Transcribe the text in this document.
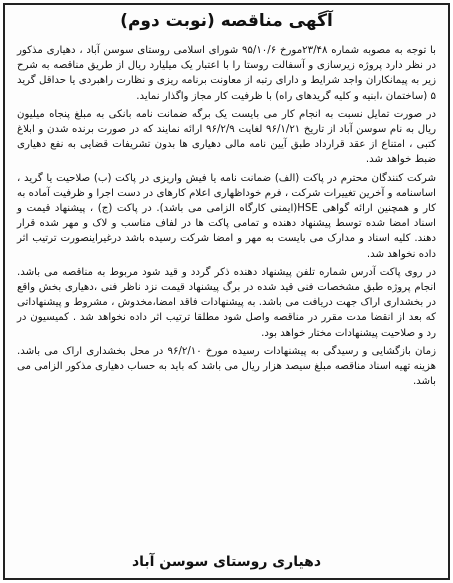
آگهی مناقصه (نوبت دوم)

با توجه به مصوبه شماره ۲۳/۴۸مورخ ۹۵/۱۰/۶ شورای اسلامی روستای سوسن آباد ، دهیاری مذکور در نظر دارد پروژه زیرسازی و آسفالت روستا را با اعتبار یک میلیارد ریال از طریق مناقصه به شرح زیر به پیمانکاران واجد شرایط و دارای رتبه از معاونت برنامه ریزی و نظارت راهبردی یا حداقل گرید ۵ (ساختمان ،ابنیه و کلیه گریدهای راه) با ظرفیت کار مجاز واگذار نماید.

در صورت تمایل نسبت به انجام کار می بایست یک برگه ضمانت نامه بانکی به مبلغ پنجاه میلیون ریال به نام سوسن آباد از تاریخ ۹۶/۱/۲۱ لغایت ۹۶/۲/۹ ارائه نمایند که در صورت برنده شدن و ابلاغ کتبی ، امتناع از عقد قرارداد طبق آیین نامه مالی دهیاری ها بدون تشریفات قضایی به نفع دهیاری ضبط خواهد شد.

شرکت کنندگان محترم در پاکت (الف) ضمانت نامه یا فیش واریزی در پاکت (ب) صلاحیت یا گرید ، اساسنامه و آخرین تغییرات شرکت ، فرم خوداظهاری اعلام کارهای در دست اجرا و ظرفیت آماده به کار و همچنین ارائه گواهی HSE(ایمنی کارگاه الزامی می باشد). در پاکت (ج) ، پیشنهاد قیمت و اسناد امضا شده توسط پیشنهاد دهنده و تمامی پاکت ها در لفاف مناسب و لاک و مهر شده قرار دهند. کلیه اسناد و مدارک می بایست به مهر و امضا شرکت رسیده باشد درغیراینصورت ترتیب اثر داده نخواهد شد.

در روی پاکت آدرس شماره تلفن پیشنهاد دهنده ذکر گردد و قید شود مربوط به مناقصه می باشد. انجام پروژه طبق مشخصات فنی قید شده در برگ پیشنهاد قیمت نزد ناظر فنی ،دهیاری بخش واقع در بخشداری اراک جهت دریافت می باشد. به پیشنهادات فاقد امضا،مخدوش ، مشروط و پیشنهاداتی که بعد از انقضا مدت مقرر در مناقصه واصل شود مطلقا ترتیب اثر داده نخواهد شد . کمیسیون در رد و صلاحیت پیشنهادات مختار خواهد بود.

زمان بازگشایی و رسیدگی به پیشنهادات رسیده مورخ ۹۶/۲/۱۰ در محل بخشداری اراک می باشد. هزینه تهیه اسناد مناقصه مبلغ سیصد هزار ریال می باشد که باید به حساب دهیاری مذکور الزامی می باشد.

دهیاری روستای سوسن آباد
